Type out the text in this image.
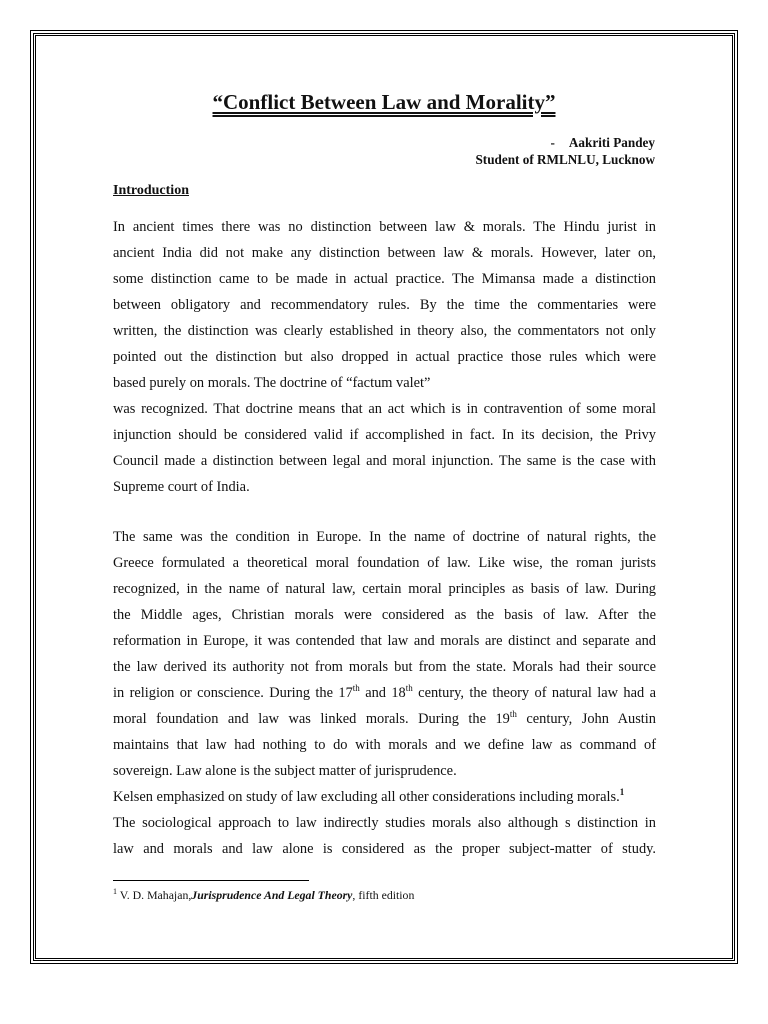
“Conflict Between Law and Morality”
- Aakriti Pandey
Student of RMLNLU, Lucknow
Introduction
In ancient times there was no distinction between law & morals. The Hindu jurist in
ancient India did not make any distinction between law & morals. However, later on,
some distinction came to be made in actual practice. The Mimansa made a distinction
between obligatory and recommendatory rules. By the time the commentaries were
written, the distinction was clearly established in theory also, the commentators not only
pointed out the distinction but also dropped in actual practice those rules which were
based purely on morals. The doctrine of “factum valet”
was recognized. That doctrine means that an act which is in contravention of some moral
injunction should be considered valid if accomplished in fact. In its decision, the Privy
Council made a distinction between legal and moral injunction. The same is the case with
Supreme court of India.
The same was the condition in Europe. In the name of doctrine of natural rights, the
Greece formulated a theoretical moral foundation of law. Like wise, the roman jurists
recognized, in the name of natural law, certain moral principles as basis of law. During
the Middle ages, Christian morals were considered as the basis of law. After the
reformation in Europe, it was contended that law and morals are distinct and separate and
the law derived its authority not from morals but from the state. Morals had their source
in religion or conscience. During the 17th and 18th century, the theory of natural law had a
moral foundation and law was linked morals. During the 19th century, John Austin
maintains that law had nothing to do with morals and we define law as command of
sovereign. Law alone is the subject matter of jurisprudence.
Kelsen emphasized on study of law excluding all other considerations including morals.$^1$
The sociological approach to law indirectly studies morals also although s distinction in
law and morals and law alone is considered as the proper subject-matter of study.
$^1$ V. D. Mahajan,Jurisprudence And Legal Theory, fifth edition
